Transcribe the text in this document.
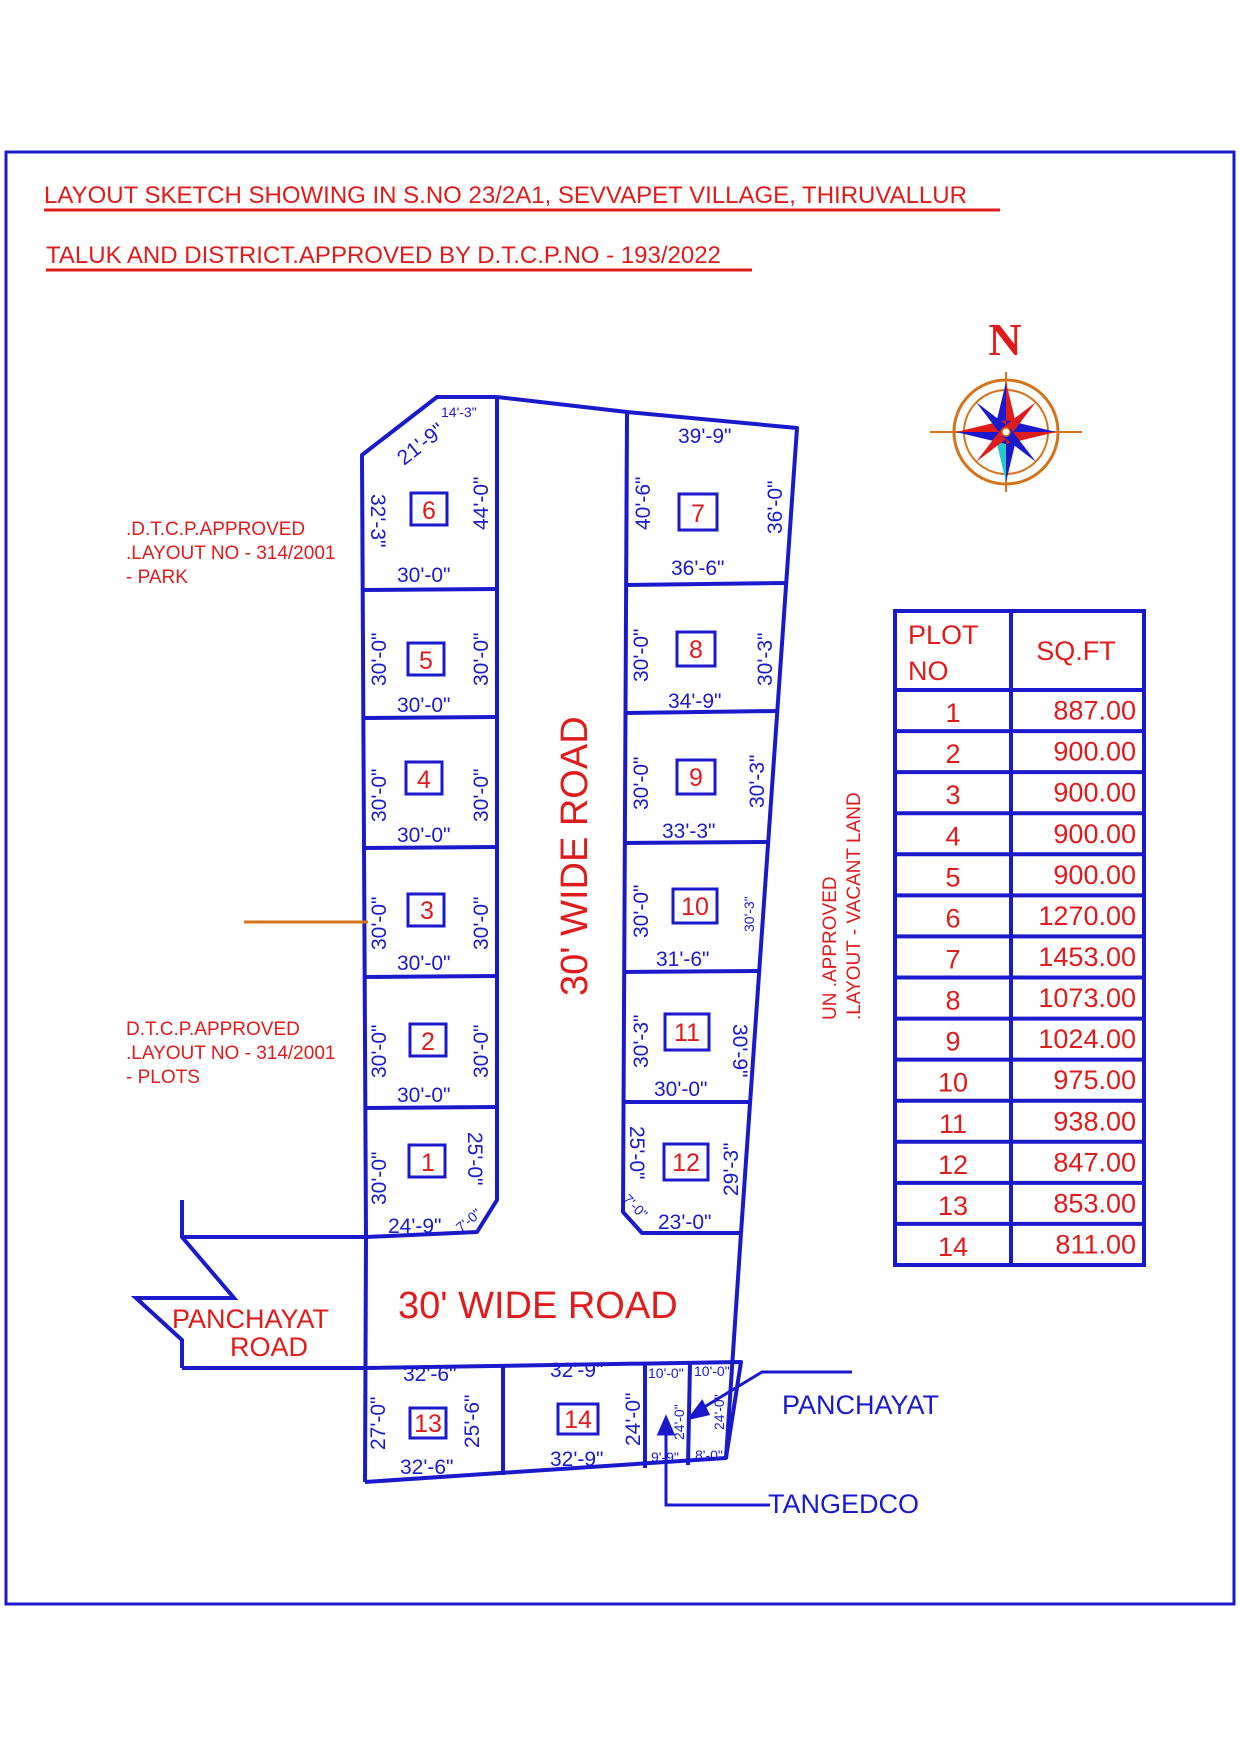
LAYOUT SKETCH SHOWING IN S.NO 23/2A1, SEVVAPET VILLAGE, THIRUVALLUR
TALUK AND DISTRICT.APPROVED BY D.T.C.P.NO - 193/2022
N
1
2
3
4
5
6	7
8
9
10
11
12
13	14
21'-9"
14'-3"
32'-3"	44'-0"
30'-0"
30'-0"	30'-0"
30'-0"
30'-0"	30'-0"
30'-0"
30'-0"	30'-0"
30'-0"
30'-0"	30'-0"
30'-0"
30'-0"	25'-0"
24'-9" 7'-0"
39'-9"
40'-6"	36'-0"
36'-6"
30'-0"	30'-3"
34'-9"
30'-0"	30'-3"
33'-3"
30'-0"	30'-3"
31'-6"
30'-3"	30'-9"
30'-0"
25'-0"	29'-3"
23'-0"
7'-0"
32'-6"
27'-0"	25'-6"
32'-6"
32'-9"
24'-0"
32'-9"
10'-0"
24'-0"
9'-9"
10'-0"
24'-0"
8'-0"
30' WIDE ROAD
30' WIDE ROAD
.D.T.C.P.APPROVED
.LAYOUT NO - 314/2001
- PARK
D.T.C.P.APPROVED
.LAYOUT NO - 314/2001
- PLOTS
UN .APPROVED .LAYOUT - VACANT LAND
PANCHAYAT
ROAD
PANCHAYAT
TANGEDCO
PLOT
NO
SQ.FT
1	887.00
2	900.00
3	900.00
4	900.00
5	900.00
6	1270.00
7	1453.00
8	1073.00
9	1024.00
10	975.00
11	938.00
12	847.00
13	853.00
14	811.00
